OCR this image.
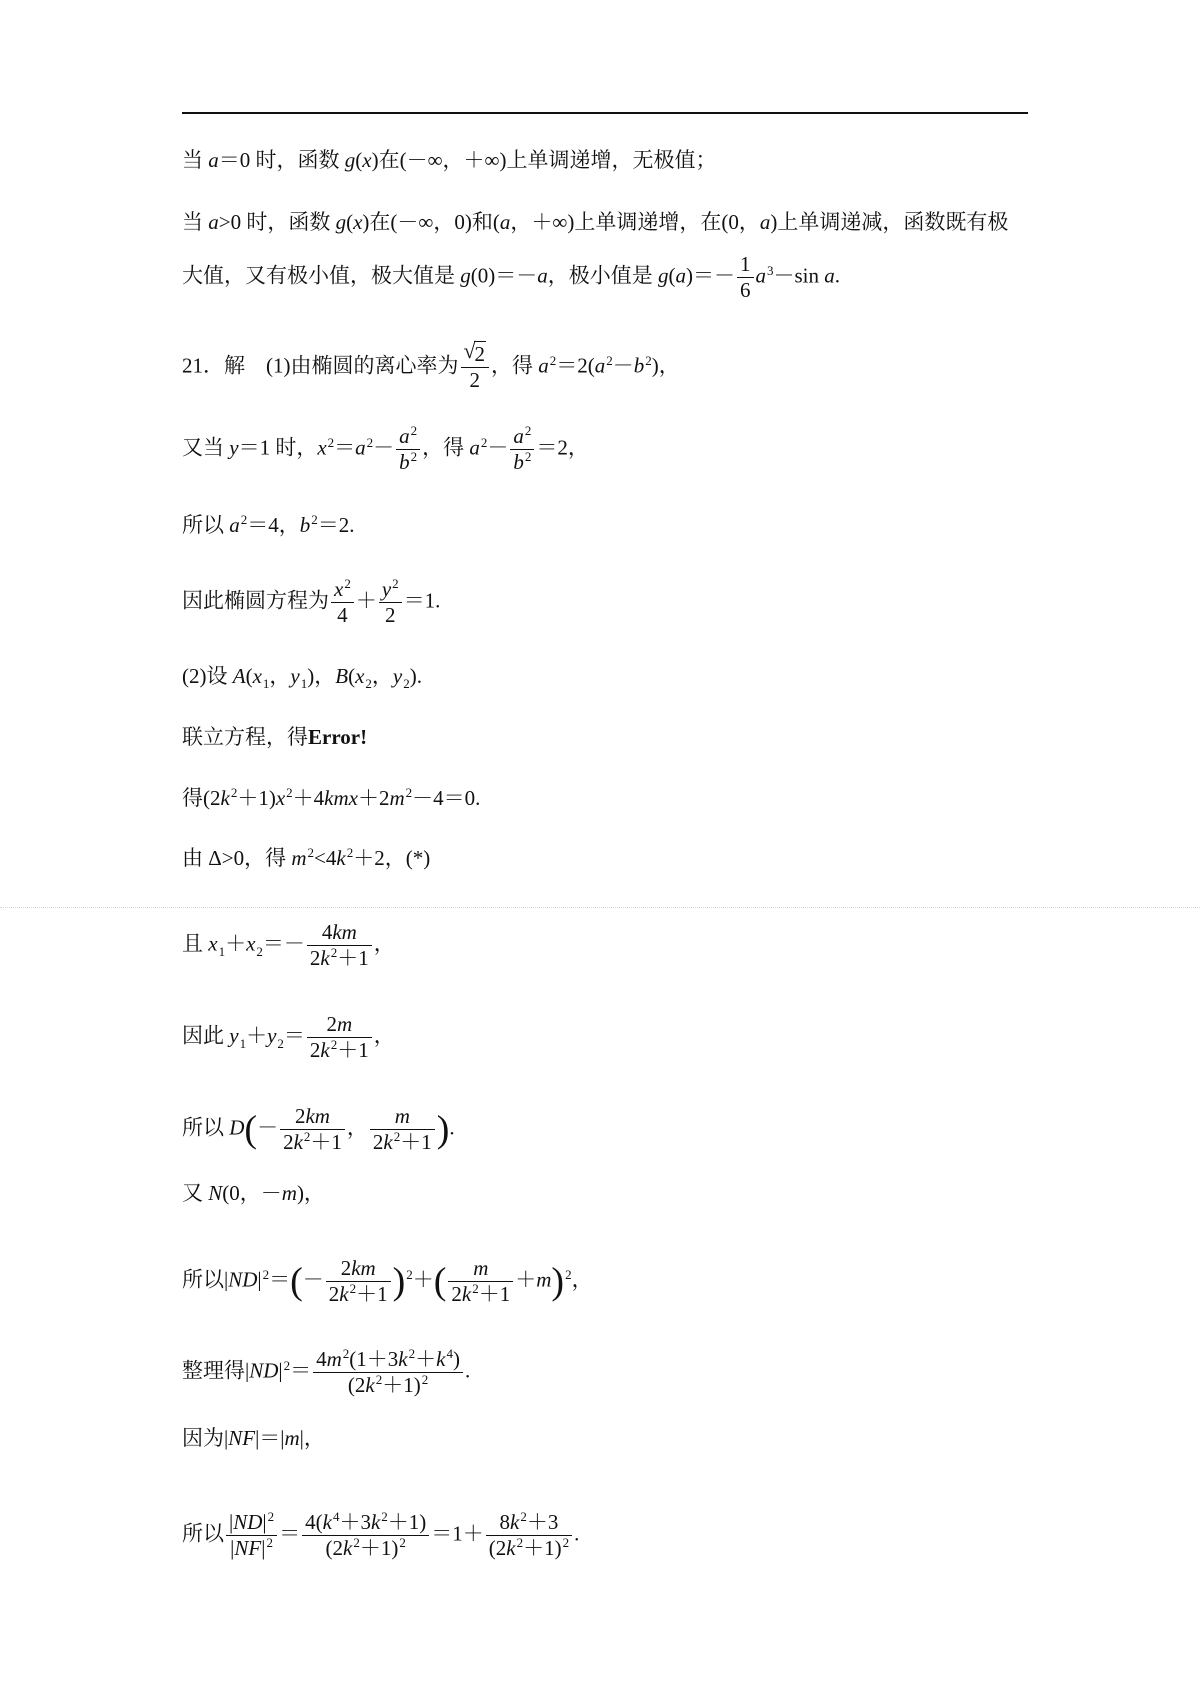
当 a＝0 时，函数 g(x)在(－∞，＋∞)上单调递增，无极值；
当 a>0 时，函数 g(x)在(－∞，0)和(a，＋∞)上单调递增，在(0，a)上单调递减，函数既有极
大值，又有极小值，极大值是 g(0)＝－a，极小值是 $g(a)=- \frac{1}{6} a^3-\sin$ a.
21．解　(1)由椭圆的离心率为 √
2
2 ，得 $a^2=2(a^2-b^2)$，
又当 y＝1 时，$x^2=a^2- \frac{a^2}{b^2}$ ，得 $a^2- \frac{a^2}{b^2} =2$，
所以 $a^2=4$，$b^2=2$.
因此椭圆方程为 $\frac{x^2}{4} + \frac{y^2}{2} =1$.
(2)设 $A(x_1$，$y_1$)，$B(x_2$，$y_2$).
联立方程，得Error!
得$(2k^2+1)x^2+4kmx+2m^2-4=0$.
由 Δ>0，得 $m^2<4k^2+2$，(*)
且 $x_1+x_2=- \frac{4km}{2k^2+1}$ ，
因此 $y_1+y_2= \frac{2m}{2k^2+1}$ ，
所以 $D(- \frac{2km}{2k^2+1}$ ， $\frac{m}{2k^2+1}$ ).
又 N(0，－m)，
所以$|ND|^2=(- \frac{2km}{2k^2+1} )^2+( \frac{m}{2k^2+1} +m)^2$，
整理得$|ND|^2= \frac{4m^2(1+3k^2+k^4)}{(2k^2+1)^2}$ .
因为|NF|＝|m|，
所以 $\frac{|ND|^2}{|NF|^2} = \frac{4(k^4+3k^2+1)}{(2k^2+1)^2} =1+ \frac{8k^2+3}{(2k^2+1)^2}$ .
